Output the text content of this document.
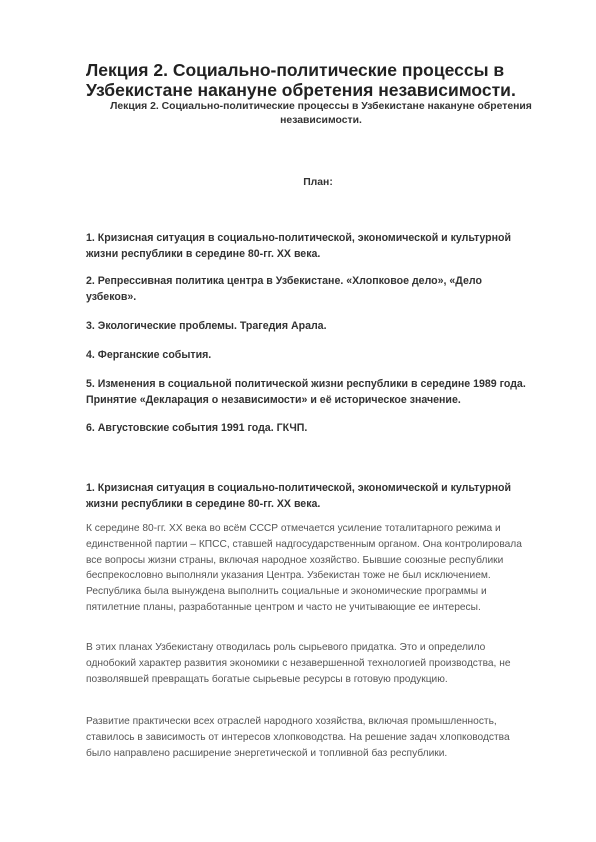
Лекция 2. Социально-политические процессы в Узбекистане накануне обретения независимости.

Лекция 2. Социально-политические процессы в Узбекистане накануне обретения независимости.

План:

1. Кризисная ситуация в социально-политической, экономической и культурной жизни республики в середине 80-гг. XX века.

2. Репрессивная политика центра в Узбекистане. «Хлопковое дело», «Дело узбеков».

3. Экологические проблемы. Трагедия Арала.

4. Ферганские события.

5. Изменения в социальной политической жизни республики в середине 1989 года. Принятие «Декларация о независимости» и её историческое значение.

6. Августовские события 1991 года. ГКЧП.

1. Кризисная ситуация в социально-политической, экономической и культурной жизни республики в середине 80-гг. XX века.

К середине 80-гг. XX века во всём СССР отмечается усиление тоталитарного режима и единственной партии – КПСС, ставшей надгосударственным органом. Она контролировала все вопросы жизни страны, включая народное хозяйство. Бывшие союзные республики беспрекословно выполняли указания Центра. Узбекистан тоже не был исключением. Республика была вынуждена выполнить социальные и экономические программы и пятилетние планы, разработанные центром и часто не учитывающие ее интересы.

В этих планах Узбекистану отводилась роль сырьевого придатка. Это и определило однобокий характер развития экономики с незавершенной технологией производства, не позволявшей превращать богатые сырьевые ресурсы в готовую продукцию.

Развитие практически всех отраслей народного хозяйства, включая промышленность, ставилось в зависимость от интересов хлопководства. На решение задач хлопководства было направлено расширение энергетической и топливной баз республики.
